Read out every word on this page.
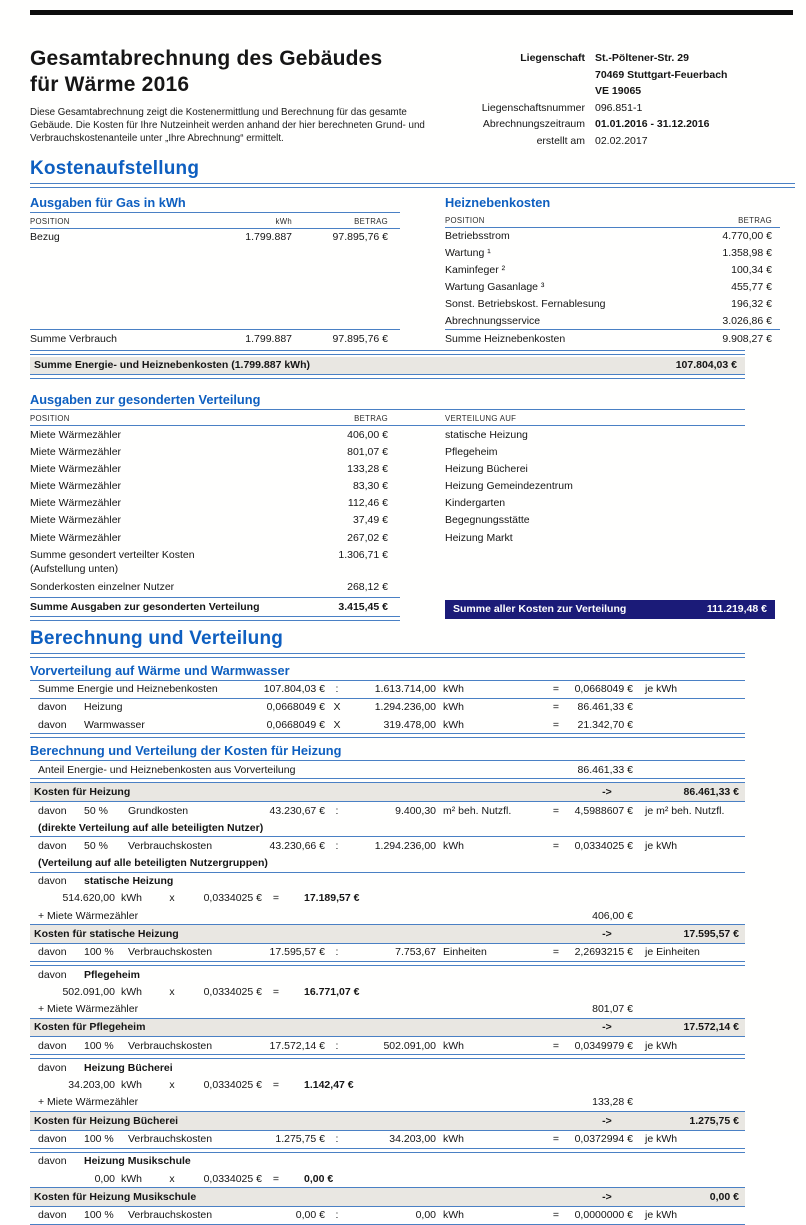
Gesamtabrechnung des Gebäudes
für Wärme 2016
Diese Gesamtabrechnung zeigt die Kostenermittlung und Berechnung für das gesamte Gebäude. Die Kosten für Ihre Nutzeinheit werden anhand der hier berechneten Grund- und Verbrauchskostenanteile unter „Ihre Abrechnung“ ermittelt.
Liegenschaft St.-Pöltener-Str. 29
70469 Stuttgart-Feuerbach
VE 19065
Liegenschaftsnummer 096.851-1
Abrechnungszeitraum 01.01.2016 - 31.12.2016
erstellt am 02.02.2017
Kostenaufstellung
Ausgaben für Gas in kWh
POSITION	kWh	BETRAG
Bezug	1.799.887	97.895,76 €
Summe Verbrauch	1.799.887	97.895,76 €
Heiznebenkosten
POSITION	BETRAG
Betriebsstrom	4.770,00 €
Wartung ¹	1.358,98 €
Kaminfeger ²	100,34 €
Wartung Gasanlage ³	455,77 €
Sonst. Betriebskost. Fernablesung	196,32 €
Abrechnungsservice	3.026,86 €
Summe Heiznebenkosten	9.908,27 €
Summe Energie- und Heiznebenkosten (1.799.887 kWh)	107.804,03 €
Ausgaben zur gesonderten Verteilung
POSITION	BETRAG	VERTEILUNG AUF
Miete Wärmezähler	406,00 €	statische Heizung
Miete Wärmezähler	801,07 €	Pflegeheim
Miete Wärmezähler	133,28 €	Heizung Bücherei
Miete Wärmezähler	83,30 €	Heizung Gemeindezentrum
Miete Wärmezähler	112,46 €	Kindergarten
Miete Wärmezähler	37,49 €	Begegnungsstätte
Miete Wärmezähler	267,02 €	Heizung Markt
Summe gesondert verteilter Kosten	1.306,71 €
(Aufstellung unten)
Sonderkosten einzelner Nutzer	268,12 €
Summe Ausgaben zur gesonderten Verteilung	3.415,45 €	Summe aller Kosten zur Verteilung	111.219,48 €
Berechnung und Verteilung
Vorverteilung auf Wärme und Warmwasser
Summe Energie und Heiznebenkosten	107.804,03 €	:	1.613.714,00 kWh	=	0,0668049 €	je kWh
davon Heizung	0,0668049 € X	1.294.236,00 kWh	=	86.461,33 €
davon Warmwasser	0,0668049 € X	319.478,00 kWh	=	21.342,70 €
Berechnung und Verteilung der Kosten für Heizung
Anteil Energie- und Heiznebenkosten aus Vorverteilung	86.461,33 €
Kosten für Heizung	->	86.461,33 €
davon 50 % Grundkosten	43.230,67 €	:	9.400,30 m² beh. Nutzfl.	=	4,5988607 €	je m² beh. Nutzfl.
(direkte Verteilung auf alle beteiligten Nutzer)
davon 50 % Verbrauchskosten	43.230,66 €	:	1.294.236,00 kWh	=	0,0334025 €	je kWh
(Verteilung auf alle beteiligten Nutzergruppen)
davon statische Heizung
514.620,00 kWh	x	0,0334025 €	=	17.189,57 €
+ Miete Wärmezähler	406,00 €
Kosten für statische Heizung	->	17.595,57 €
davon 100 % Verbrauchskosten	17.595,57 €	:	7.753,67 Einheiten	=	2,2693215 €	je Einheiten
davon Pflegeheim
502.091,00 kWh	x	0,0334025 €	=	16.771,07 €
+ Miete Wärmezähler	801,07 €
Kosten für Pflegeheim	->	17.572,14 €
davon 100 % Verbrauchskosten	17.572,14 €	:	502.091,00 kWh	=	0,0349979 €	je kWh
davon Heizung Bücherei
34.203,00 kWh	x	0,0334025 €	=	1.142,47 €
+ Miete Wärmezähler	133,28 €
Kosten für Heizung Bücherei	->	1.275,75 €
davon 100 % Verbrauchskosten	1.275,75 €	:	34.203,00 kWh	=	0,0372994 €	je kWh
davon Heizung Musikschule
0,00 kWh	x	0,0334025 €	=	0,00 €
Kosten für Heizung Musikschule	->	0,00 €
davon 100 % Verbrauchskosten	0,00 €	:	0,00 kWh	=	0,0000000 €	je kWh
